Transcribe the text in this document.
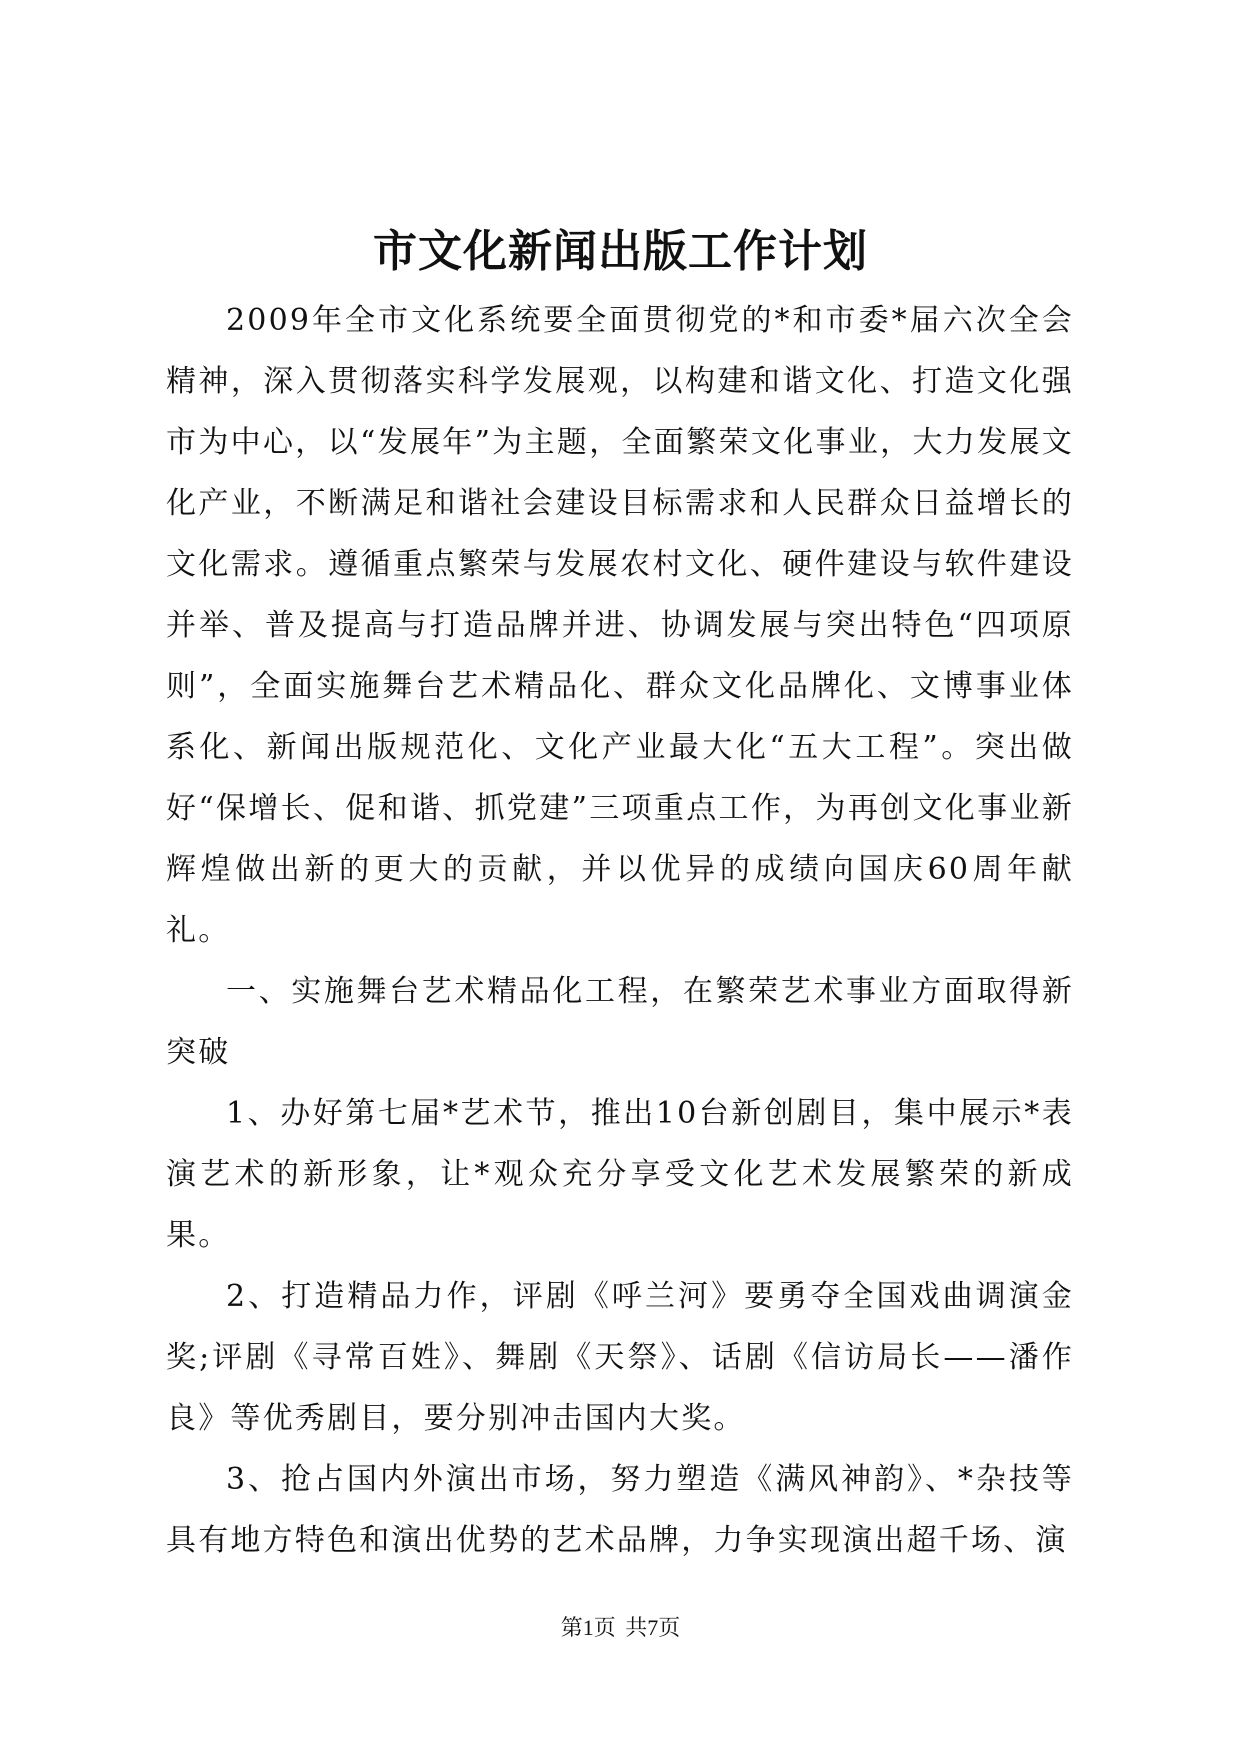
市文化新闻出版工作计划

2009年全市文化系统要全面贯彻党的*和市委*届六次全会精神，深入贯彻落实科学发展观，以构建和谐文化、打造文化强市为中心，以“发展年”为主题，全面繁荣文化事业，大力发展文化产业，不断满足和谐社会建设目标需求和人民群众日益增长的文化需求。遵循重点繁荣与发展农村文化、硬件建设与软件建设并举、普及提高与打造品牌并进、协调发展与突出特色“四项原则”，全面实施舞台艺术精品化、群众文化品牌化、文博事业体系化、新闻出版规范化、文化产业最大化“五大工程”。突出做好“保增长、促和谐、抓党建”三项重点工作，为再创文化事业新辉煌做出新的更大的贡献，并以优异的成绩向国庆60周年献礼。

一、实施舞台艺术精品化工程，在繁荣艺术事业方面取得新突破

1、办好第七届*艺术节，推出10台新创剧目，集中展示*表演艺术的新形象，让*观众充分享受文化艺术发展繁荣的新成果。

2、打造精品力作，评剧《呼兰河》要勇夺全国戏曲调演金奖;评剧《寻常百姓》、舞剧《天祭》、话剧《信访局长——潘作良》等优秀剧目，要分别冲击国内大奖。

3、抢占国内外演出市场，努力塑造《满风神韵》、*杂技等具有地方特色和演出优势的艺术品牌，力争实现演出超千场、演

第1页 共7页
